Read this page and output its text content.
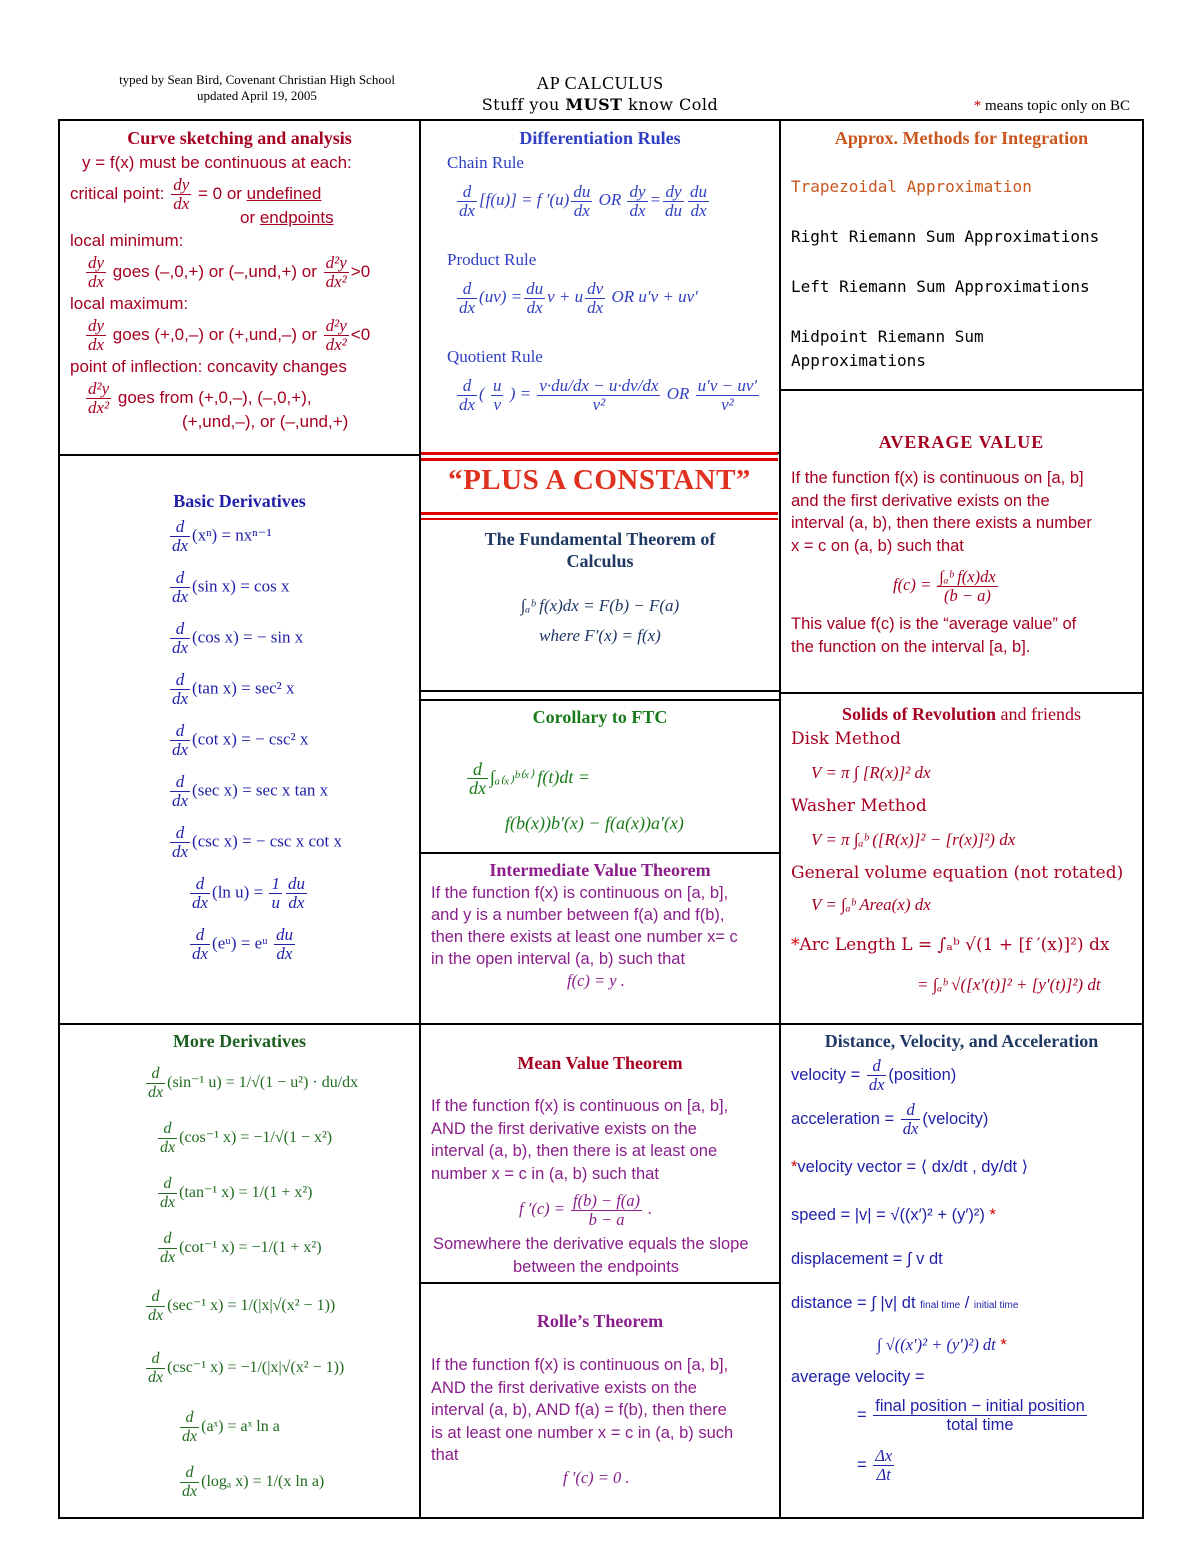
typed by Sean Bird, Covenant Christian High School
updated April 19, 2005
AP CALCULUS
Stuff you MUST know Cold	* means topic only on BC
Curve sketching and analysis
y = f(x) must be continuous at each:
critical point: $\frac{dy}{dx} = 0$ or undefined
or endpoints
local minimum:
$\frac{dy}{dx}$ goes (–,0,+) or (–,und,+) or $\frac{\text{d²y}}{\text{dx²}} >0$
local maximum:
$\frac{dy}{dx}$ goes (+,0,–) or (+,und,–) or $\frac{\text{d²y}}{\text{dx²}} <0$
point of inflection: concavity changes
$\frac{\text{d²y}}{\text{dx²}}$ goes from (+,0,–), (–,0,+),
(+,und,–), or (–,und,+)
Basic Derivatives
$\frac{d}{dx} (x^n) = nx^{n-1}$
$\frac{d}{dx} (\sin$ x) = cos x
$\frac{d}{dx} (\cos$ x) = − sin x
$\frac{d}{dx} (\tan$ x) = sec² x
$\frac{d}{dx} (\cot$ x) = − csc² x
$\frac{d}{dx} (\sec$ x) = sec x tan x
$\frac{d}{dx} (\csc$ x) = − csc x cot x
$\frac{d}{dx} (\ln$ $u) = \frac{1}{u} \frac{du}{dx}$
$\frac{d}{dx}$ (eᵘ) = eᵘ $\frac{du}{dx}$
More Derivatives
$\frac{d}{dx} (\sin^{-1}$ u) = 1/√(1 − u²) · du/dx
$\frac{d}{dx} (\cos^{-1}$ x) = −1/√(1 − x²)
$\frac{d}{dx} (\tan^{-1}$ x) = 1/(1 + x²)
$\frac{d}{dx} (\cot^{-1}$ x) = −1/(1 + x²)
$\frac{d}{dx} (\sec^{-1}$ x) = 1/(|x|√(x² − 1))
$\frac{d}{dx} (\csc^{-1}$ x) = −1/(|x|√(x² − 1))
$\frac{d}{dx}$ (aˣ) = aˣ ln a
$\frac{d}{dx} (\log_a$ x) = 1/(x ln a)
Differentiation Rules
Chain Rule
$\frac{d}{dx} [f(u)] = f$ $'(u) \frac{du}{dx}$ OR $\frac{dy}{dx} = \frac{dy}{du} \frac{du}{dx}$
Product Rule
$\frac{d}{dx} (uv) = \frac{du}{dx}$ v + u $\frac{dv}{dx}$ OR u′v + uv′
Quotient Rule
$\frac{d}{dx}$ ( $\frac{u}{v}$ ) = $\frac{v\cdot du/dx - u\cdot dv/dx}{\text{v²}}$ OR $\frac{u'v - uv'}{\text{v²}}$
“PLUS A CONSTANT”
The Fundamental Theorem of
Calculus
∫ₐᵇ f(x)dx = F(b) − F(a)
where F′(x) = f(x)
Corollary to FTC
$\frac{d}{dx}$ ∫ₐ₍ₓ₎ᵇ⁽ˣ⁾ f(t)dt =
f(b(x))b′(x) − f(a(x))a′(x)
Intermediate Value Theorem
If the function f(x) is continuous on [a, b],
and y is a number between f(a) and f(b),
then there exists at least one number x= c
in the open interval (a, b) such that
f(c) = y .
Mean Value Theorem
If the function f(x) is continuous on [a, b],
AND the first derivative exists on the
interval (a, b), then there is at least one
number x = c in (a, b) such that
f $'(c) = \frac{f(b) - f(a)}{b - a}$ .
Somewhere the derivative equals the slope
between the endpoints
Rolle’s Theorem
If the function f(x) is continuous on [a, b],
AND the first derivative exists on the
interval (a, b), AND f(a) = f(b), then there
is at least one number x = c in (a, b) such
that
f ′(c) = 0 .
Approx. Methods for Integration
Trapezoidal Approximation
Right Riemann Sum Approximations
Left Riemann Sum Approximations
Midpoint Riemann Sum
Approximations
AVERAGE VALUE
If the function f(x) is continuous on [a, b]
and the first derivative exists on the
interval (a, b), then there exists a number
x = c on (a, b) such that
$f(c) = \frac{\text{∫ₐᵇ f(x)dx}}{(b - a)}$
This value f(c) is the “average value” of
the function on the interval [a, b].
Solids of Revolution and friends
Disk Method
V = π ∫ [R(x)]² dx
Washer Method
V = π ∫ₐᵇ ([R(x)]² − [r(x)]²) dx
General volume equation (not rotated)
V = ∫ₐᵇ Area(x) dx
*Arc Length L = ∫ₐᵇ √(1 + [f ′(x)]²) dx
= ∫ₐᵇ √([x′(t)]² + [y′(t)]²) dt
Distance, Velocity, and Acceleration
velocity = $\frac{d}{dx}$ (position)
acceleration = $\frac{d}{dx}$ (velocity)
*velocity vector = ⟨ dx/dt , dy/dt ⟩
speed = |v| = √((x′)² + (y′)²) *
displacement = ∫ v dt
distance = ∫ |v| dt final time / initial time
∫ √((x′)² + (y′)²) dt *
average velocity =
= $\frac{\text{final position − initial position}}{\text{total time}}$
= $\frac{\Delta x}{\Delta t}$
